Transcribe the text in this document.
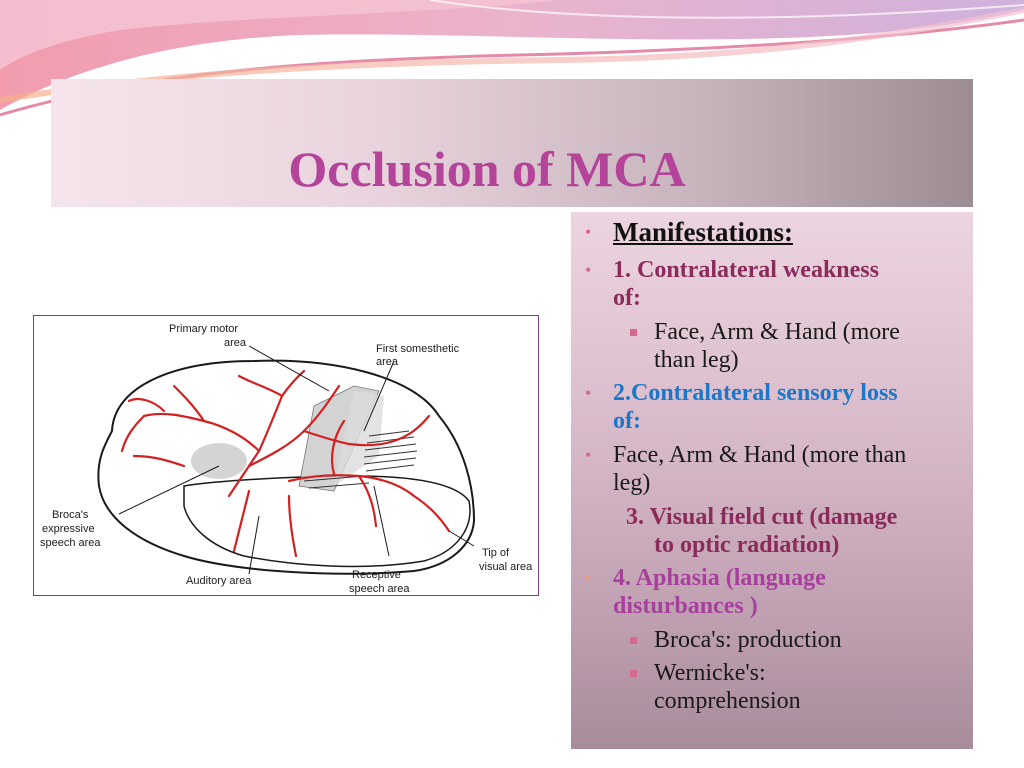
Occlusion of MCA
Primary motor
area	First somesthetic
area
Broca's
expressive
speech area
Auditory area	Receptive
speech area
Tip of
visual area
• Manifestations:
• 1. Contralateral weakness
of:
Face, Arm & Hand (more
than leg)
• 2.Contralateral sensory loss
of:
• Face, Arm & Hand (more than
leg)
3. Visual field cut (damage
to optic radiation)
• 4. Aphasia (language
disturbances )
Broca's: production
Wernicke's:
comprehension
